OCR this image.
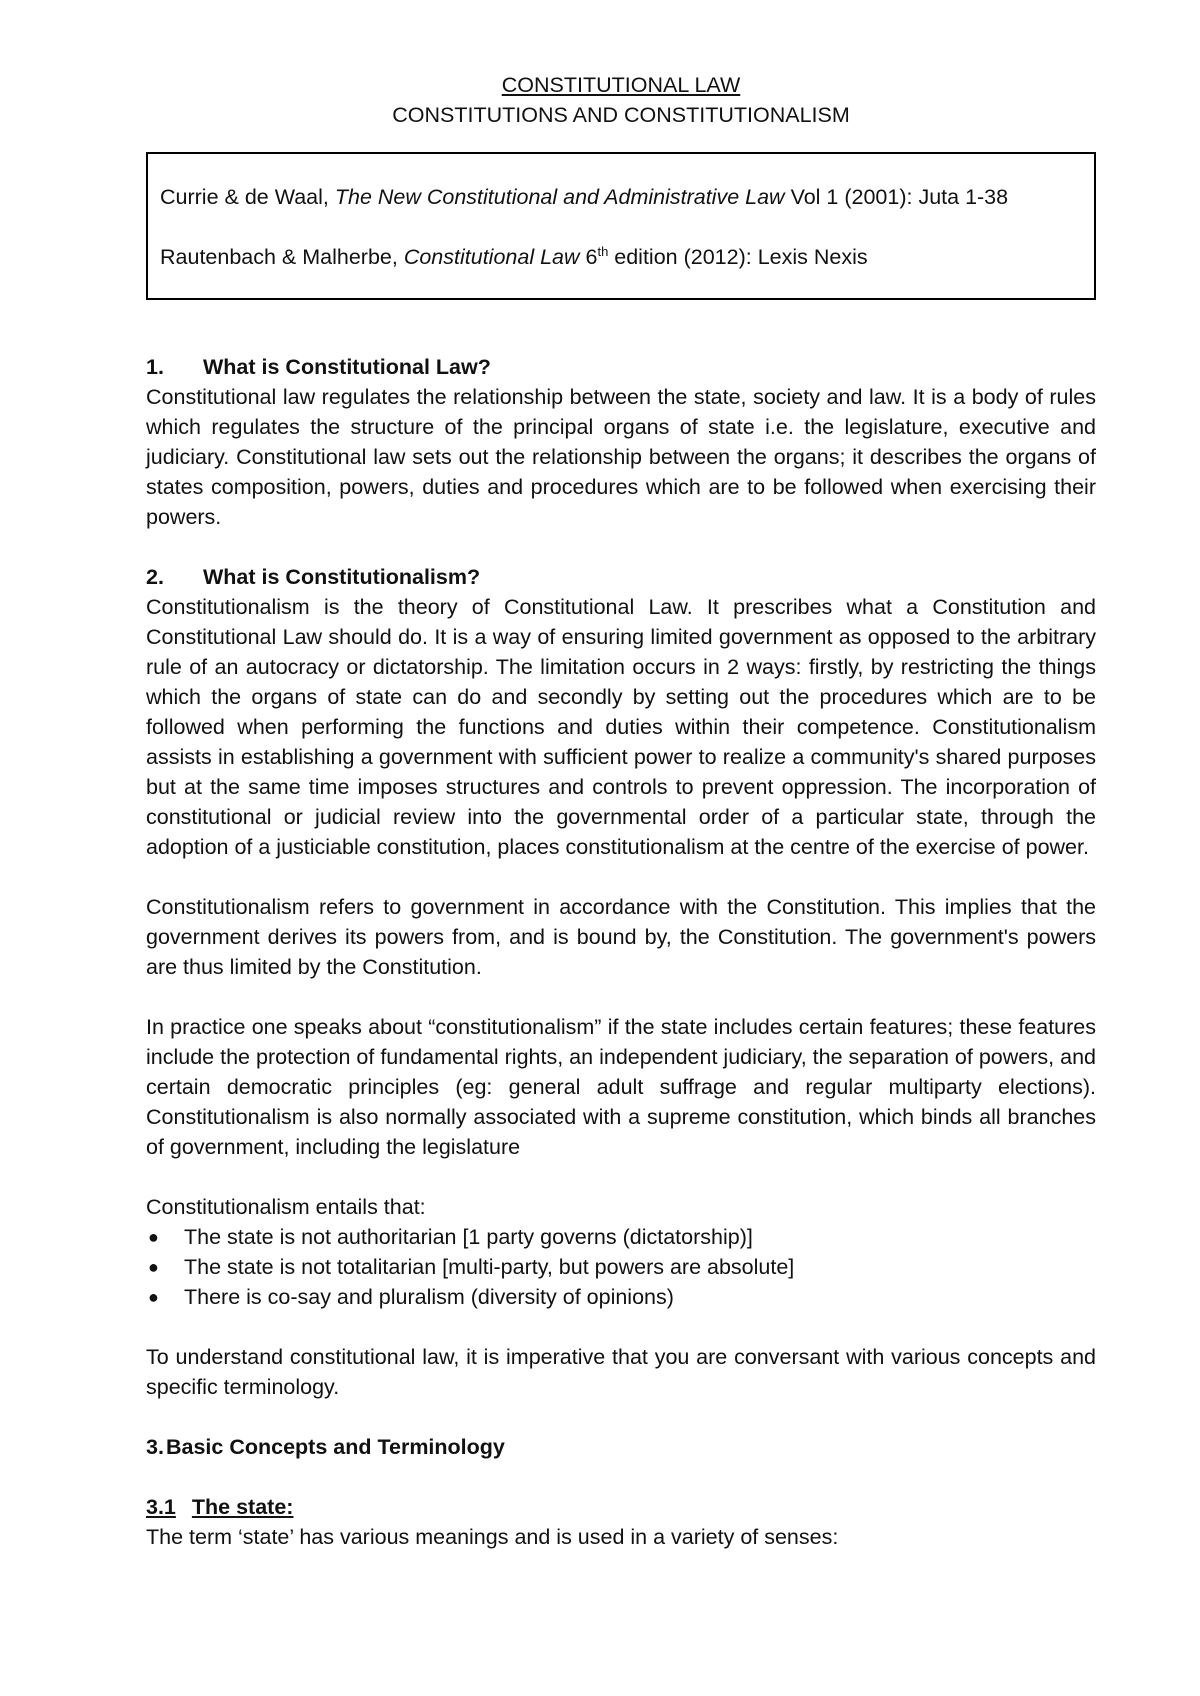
CONSTITUTIONAL LAW
CONSTITUTIONS AND CONSTITUTIONALISM
Currie & de Waal, The New Constitutional and Administrative Law Vol 1 (2001): Juta 1-38
Rautenbach & Malherbe, Constitutional Law 6th edition (2012): Lexis Nexis
1. What is Constitutional Law?

Constitutional law regulates the relationship between the state, society and law. It is a body of rules which regulates the structure of the principal organs of state i.e. the legislature, executive and judiciary. Constitutional law sets out the relationship between the organs; it describes the organs of states composition, powers, duties and procedures which are to be followed when exercising their powers.

2. What is Constitutionalism?

Constitutionalism is the theory of Constitutional Law. It prescribes what a Constitution and Constitutional Law should do. It is a way of ensuring limited government as opposed to the arbitrary rule of an autocracy or dictatorship. The limitation occurs in 2 ways: firstly, by restricting the things which the organs of state can do and secondly by setting out the procedures which are to be followed when performing the functions and duties within their competence. Constitutionalism assists in establishing a government with sufficient power to realize a community's shared purposes but at the same time imposes structures and controls to prevent oppression. The incorporation of constitutional or judicial review into the governmental order of a particular state, through the adoption of a justiciable constitution, places constitutionalism at the centre of the exercise of power.

Constitutionalism refers to government in accordance with the Constitution. This implies that the government derives its powers from, and is bound by, the Constitution. The government's powers are thus limited by the Constitution.

In practice one speaks about “constitutionalism” if the state includes certain features; these features include the protection of fundamental rights, an independent judiciary, the separation of powers, and certain democratic principles (eg: general adult suffrage and regular multiparty elections). Constitutionalism is also normally associated with a supreme constitution, which binds all branches of government, including the legislature

Constitutionalism entails that:

● The state is not authoritarian [1 party governs (dictatorship)]
● The state is not totalitarian [multi-party, but powers are absolute]
● There is co-say and pluralism (diversity of opinions)

To understand constitutional law, it is imperative that you are conversant with various concepts and specific terminology.

3. Basic Concepts and Terminology
3.1 The state:

The term ‘state’ has various meanings and is used in a variety of senses:
